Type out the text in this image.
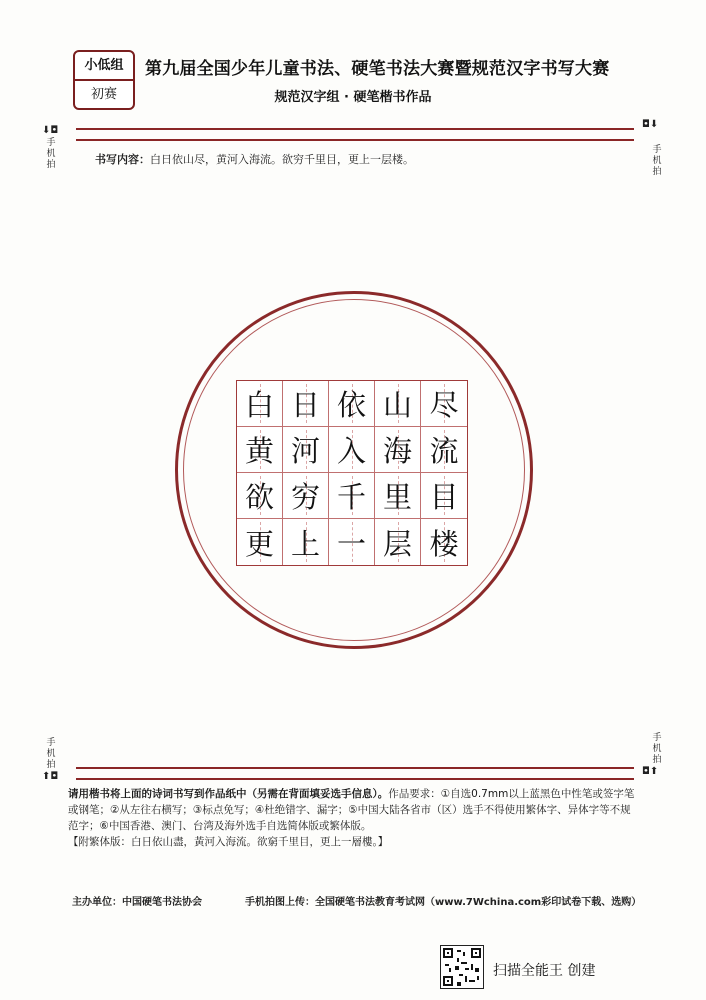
小低组
初赛
第九届全国少年儿童书法、硬笔书法大赛暨规范汉字书写大赛
规范汉字组 · 硬笔楷书作品
⬇◘
◘⬇
⬆◘	◘⬆
手机拍
手机拍
手机拍
手机拍
书写内容：白日依山尽，黄河入海流。欲穷千里目，更上一层楼。
白 日 依 山 尽
黄 河 入 海 流
欲 穷 千 里 目
更 上 一 层 楼
请用楷书将上面的诗词书写到作品纸中（另需在背面填妥选手信息）。作品要求：①自选0.7mm以上蓝黑色中性笔或签字笔或钢笔；②从左往右横写；③标点免写；④杜绝错字、漏字；⑤中国大陆各省市（区）选手不得使用繁体字、异体字等不规范字；⑥中国香港、澳门、台湾及海外选手自选简体版或繁体版。
【附繁体版：白日依山盡，黃河入海流。欲窮千里目，更上一層樓。】
主办单位：中国硬笔书法协会	手机拍图上传：全国硬笔书法教育考试网（www.7Wchina.com彩印试卷下载、选购）
扫描全能王 创建
